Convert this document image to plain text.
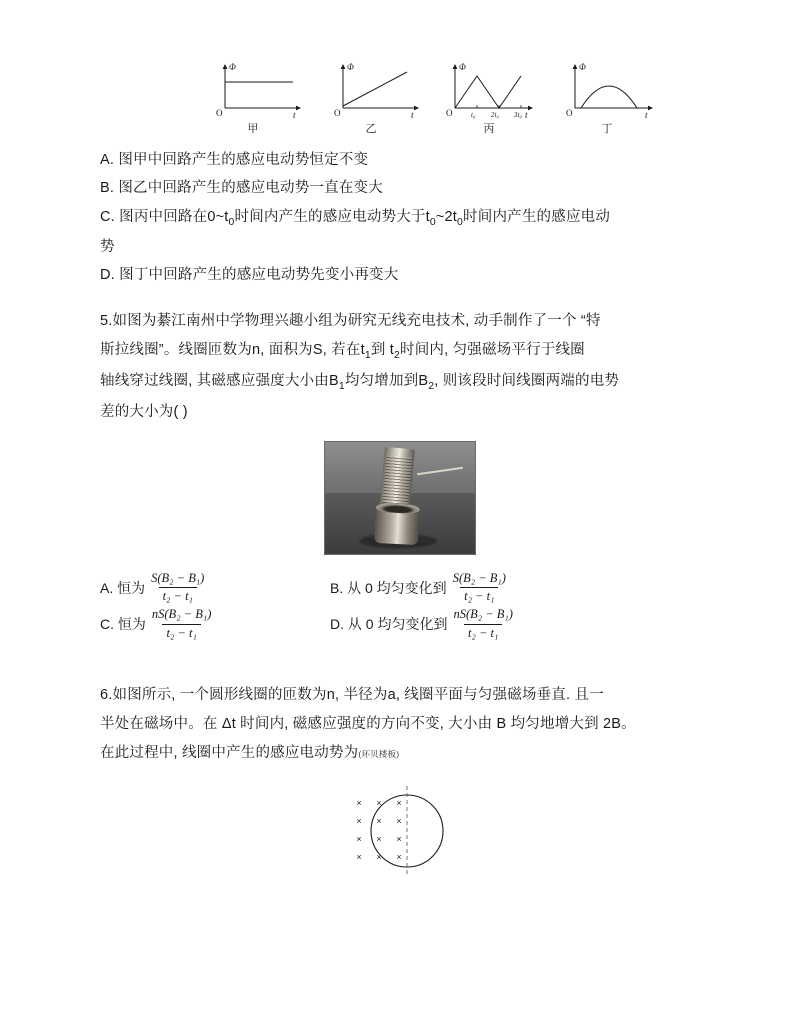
Φ
t
O
甲
Φ
t
O
乙
Φ
t
O	t₀ 2t₀ 3t₀
丙
Φ
t
O
丁

A. 图甲中回路产生的感应电动势恒定不变

B. 图乙中回路产生的感应电动势一直在变大

C. 图丙中回路在$0\sim t_0$时间内产生的感应电动势大于$t_0\sim 2t_0$时间内产生的感应电动

势

D. 图丁中回路产生的感应电动势先变小再变大

5.如图为綦江南州中学物理兴趣小组为研究无线充电技术, 动手制作了一个 “特

斯拉线圈”。线圈匝数为n, 面积为S, 若在$t_1$到 $t_2$时间内, 匀强磁场平行于线圈

轴线穿过线圈, 其磁感应强度大小由$B_1$均匀增加到$B_2$, 则该段时间线圈两端的电势

差的大小为( )

A. 恒为 $\frac{\text{S(B₂ − B₁)}}{\text{t₂ − t₁}}$	B. 从 0 均匀变化到 $\frac{\text{S(B₂ − B₁)}}{\text{t₂ − t₁}}$
C. 恒为 $\frac{\text{nS(B₂ − B₁)}}{\text{t₂ − t₁}}$	D. 从 0 均匀变化到 $\frac{\text{nS(B₂ − B₁)}}{\text{t₂ − t₁}}$

6.如图所示, 一个圆形线圈的匝数为n, 半径为a, 线圈平面与匀强磁场垂直. 且一

半处在磁场中。在 Δt 时间内, 磁感应强度的方向不变, 大小由 B 均匀地增大到 2B。

在此过程中, 线圈中产生的感应电动势为(环贝楼板)

× × ×
× × ×
× × ×
× × ×
